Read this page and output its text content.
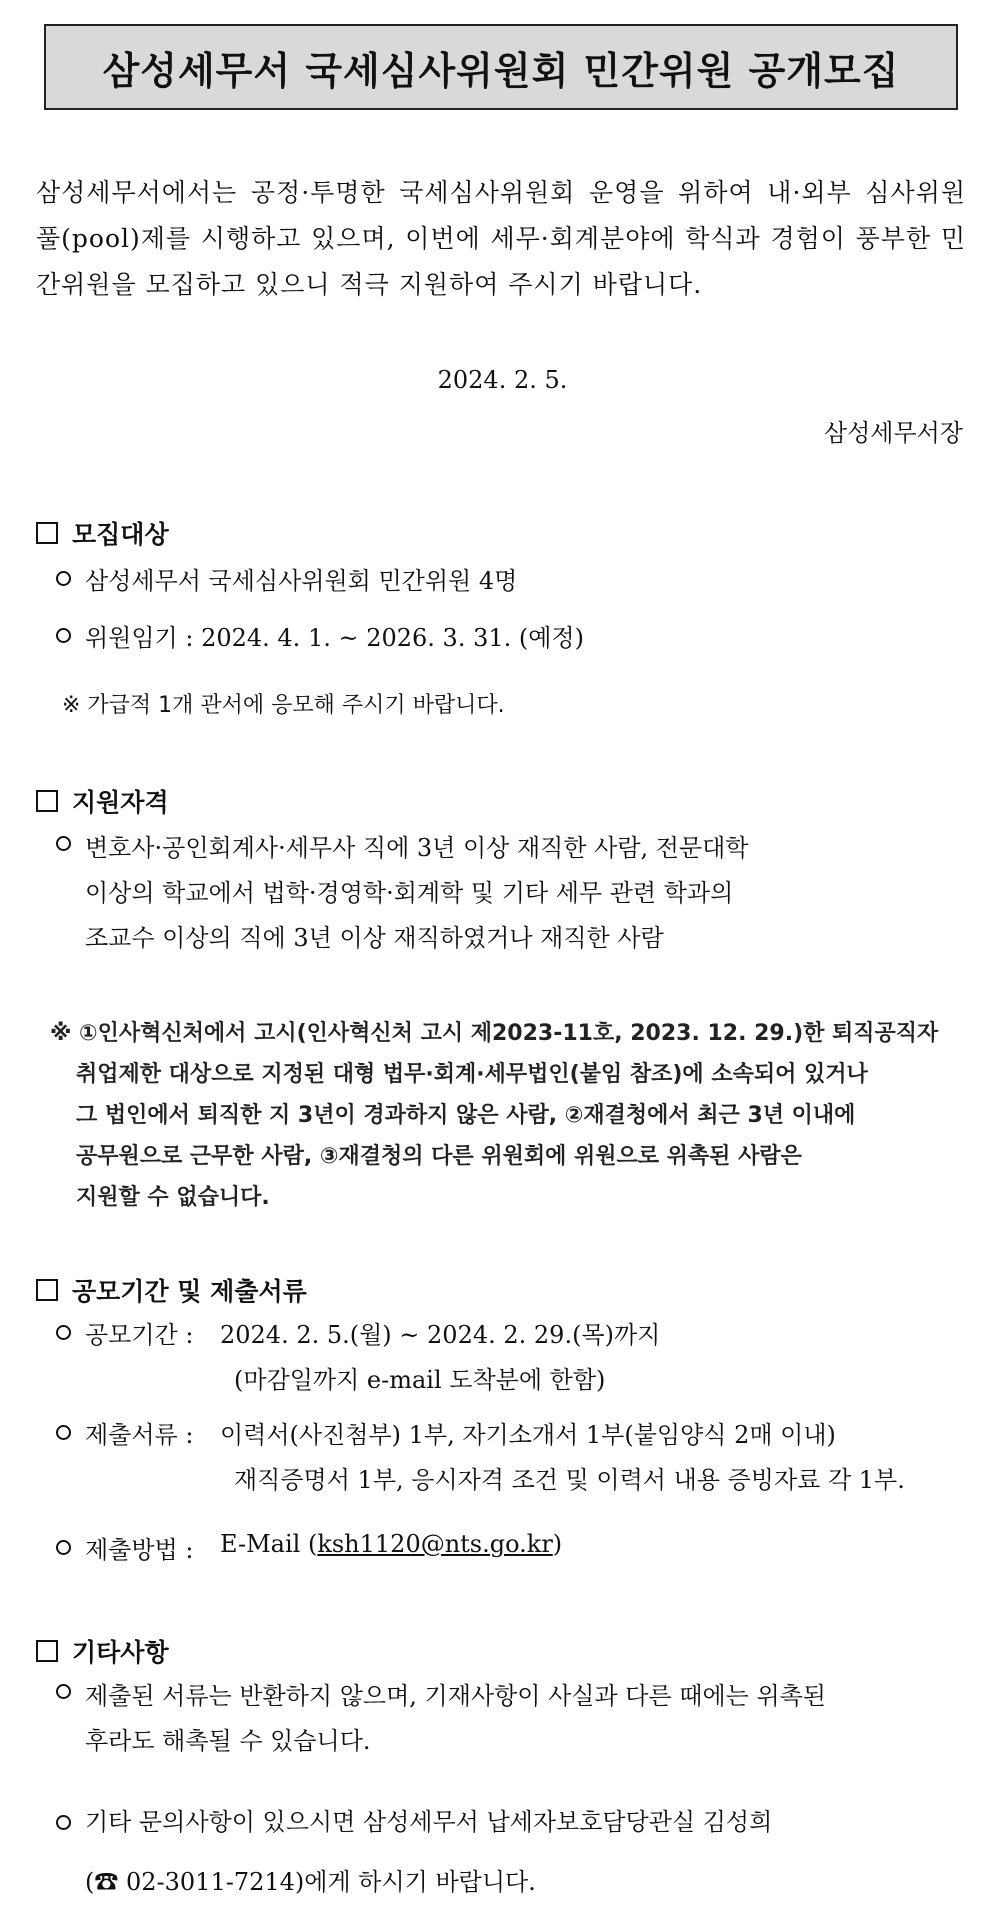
삼성세무서 국세심사위원회 민간위원 공개모집
삼성세무서에서는 공정·투명한 국세심사위원회 운영을 위하여 내·외부 심사위원 풀(pool)제를 시행하고 있으며, 이번에 세무·회계분야에 학식과 경험이 풍부한 민간위원을 모집하고 있으니 적극 지원하여 주시기 바랍니다.
2024. 2. 5.
삼성세무서장
모집대상
삼성세무서 국세심사위원회 민간위원 4명
위원임기 : 2024. 4. 1. ~ 2026. 3. 31. (예정)
※ 가급적 1개 관서에 응모해 주시기 바랍니다.
지원자격
변호사·공인회계사·세무사 직에 3년 이상 재직한 사람, 전문대학
이상의 학교에서 법학·경영학·회계학 및 기타 세무 관련 학과의
조교수 이상의 직에 3년 이상 재직하였거나 재직한 사람
※ ①인사혁신처에서 고시(인사혁신처 고시 제2023-11호, 2023. 12. 29.)한 퇴직공직자
취업제한 대상으로 지정된 대형 법무·회계·세무법인(붙임 참조)에 소속되어 있거나
그 법인에서 퇴직한 지 3년이 경과하지 않은 사람, ②재결청에서 최근 3년 이내에
공무원으로 근무한 사람, ③재결청의 다른 위원회에 위원으로 위촉된 사람은
지원할 수 없습니다.
공모기간 및 제출서류
공모기간 :	2024. 2. 5.(월) ~ 2024. 2. 29.(목)까지
(마감일까지 e-mail 도착분에 한함)
제출서류 :	이력서(사진첨부) 1부, 자기소개서 1부(붙임양식 2매 이내)
재직증명서 1부, 응시자격 조건 및 이력서 내용 증빙자료 각 1부.
제출방법 :	E-Mail ( ksh1120@nts.go.kr )
기타사항
제출된 서류는 반환하지 않으며, 기재사항이 사실과 다른 때에는 위촉된
후라도 해촉될 수 있습니다.
기타 문의사항이 있으시면 삼성세무서 납세자보호담당관실 김성희
(☎ 02-3011-7214)에게 하시기 바랍니다.
